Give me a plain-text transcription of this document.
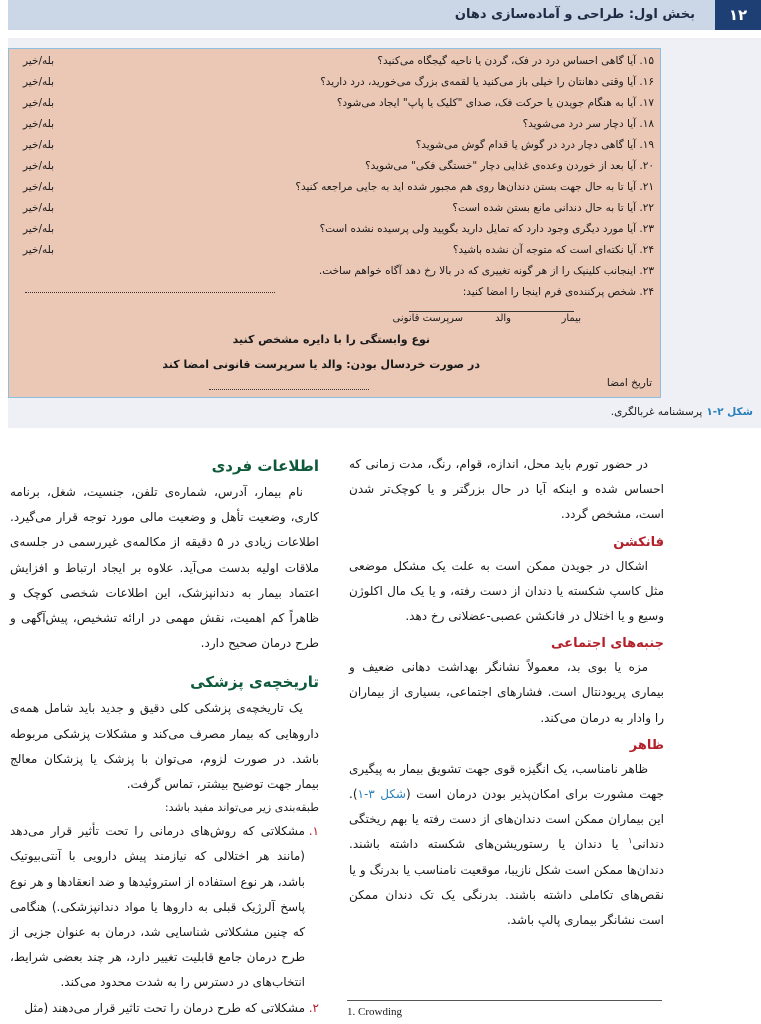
۱۲
بخش اول: طراحی و آماده‌سازی دهان
۱۵. آیا گاهی احساس درد در فک، گردن یا ناحیه گیجگاه می‌کنید؟
بله/خیر
۱۶. آیا وقتی دهانتان را خیلی باز می‌کنید یا لقمه‌ی بزرگ می‌خورید، درد دارید؟
بله/خیر
۱۷. آیا به هنگام جویدن یا حرکت فک، صدای "کلیک یا پاپ" ایجاد می‌شود؟
بله/خیر
۱۸. آیا دچار سر درد می‌شوید؟
بله/خیر
۱۹. آیا گاهی دچار درد در گوش یا قدام گوش می‌شوید؟
بله/خیر
۲۰. آیا بعد از خوردن وعده‌ی غذایی دچار "خستگی فکی" می‌شوید؟
بله/خیر
۲۱. آیا تا به حال جهت بستن دندان‌ها روی هم مجبور شده اید به جایی مراجعه کنید؟
بله/خیر
۲۲. آیا تا به حال دندانی مانع بستن شده است؟
بله/خیر
۲۳. آیا مورد دیگری وجود دارد که تمایل دارید بگویید ولی پرسیده نشده است؟
بله/خیر
۲۴. آیا نکته‌ای است که متوجه آن نشده باشید؟
بله/خیر
۲۳. اینجانب کلینیک را از هر گونه تغییری که در بالا رخ دهد آگاه خواهم ساخت.
۲۴. شخص پرکننده‌ی فرم اینجا را امضا کنید:
بیمار
والد
سرپرست قانونی
نوع وابستگی را با دایره مشخص کنید
در صورت خردسال بودن: والد یا سرپرست قانونی امضا کند
تاریخ امضا
شکل ۲-۱پرسشنامه غربالگری.

در حضور تورم باید محل، اندازه، قوام، رنگ، مدت زمانی که احساس شده و اینکه آیا در حال بزرگتر و یا کوچک‌تر شدن است، مشخص گردد.

فانکشن

اشکال در جویدن ممکن است به علت یک مشکل موضعی مثل کاسپ شکسته یا دندان از دست رفته، و یا یک مال اکلوژن وسیع و یا اختلال در فانکشن عصبی-عضلانی رخ دهد.

جنبه‌های اجتماعی

مزه یا بوی بد، معمولاً نشانگر بهداشت دهانی ضعیف و بیماری پریودنتال است. فشارهای اجتماعی، بسیاری از بیماران را وادار به درمان می‌کند.

ظاهر

ظاهر نامناسب، یک انگیزه قوی جهت تشویق بیمار به پیگیری جهت مشورت برای امکان‌پذیر بودن درمان است (شکل ۳-۱). این بیماران ممکن است دندان‌های از دست رفته یا بهم ریختگی دندانی$^۱$ یا دندان یا رستوریشن‌های شکسته داشته باشند. دندان‌ها ممکن است شکل نازیبا، موقعیت نامناسب یا بدرنگ و یا نقص‌های تکاملی داشته باشند. بدرنگی یک تک دندان ممکن است نشانگر بیماری پالپ باشد.

اطلاعات فردی

نام بیمار، آدرس، شماره‌ی تلفن، جنسیت، شغل، برنامه کاری، وضعیت تأهل و وضعیت مالی مورد توجه قرار می‌گیرد. اطلاعات زیادی در ۵ دقیقه از مکالمه‌ی غیررسمی در جلسه‌ی ملاقات اولیه بدست می‌آید. علاوه بر ایجاد ارتباط و افزایش اعتماد بیمار به دندانپزشک، این اطلاعات شخصی کوچک و ظاهراً کم اهمیت، نقش مهمی در ارائه تشخیص، پیش‌آگهی و طرح درمان صحیح دارد.

تاریخچه‌ی پزشکی

یک تاریخچه‌ی پزشکی کلی دقیق و جدید باید شامل همه‌ی داروهایی که بیمار مصرف می‌کند و مشکلات پزشکی مربوطه باشد. در صورت لزوم، می‌توان با پزشک یا پزشکان معالج بیمار جهت توضیح بیشتر، تماس گرفت.

طبقه‌بندی زیر می‌تواند مفید باشد:

۱.
مشکلاتی که روش‌های درمانی را تحت تأثیر قرار می‌دهد (مانند هر اختلالی که نیازمند پیش دارویی با آنتی‌بیوتیک باشد، هر نوع استفاده از استروئیدها و ضد انعقادها و هر نوع پاسخ آلرژیک قبلی به داروها یا مواد دندانپزشکی.) هنگامی که چنین مشکلاتی شناسایی شد، درمان به عنوان جزیی از طرح درمان جامع قابلیت تغییر دارد، هر چند بعضی شرایط، انتخاب‌های در دسترس را به شدت محدود می‌کند.
۲.
مشکلاتی که طرح درمان را تحت تاثیر قرار می‌دهند (مثل	1. Crowding
